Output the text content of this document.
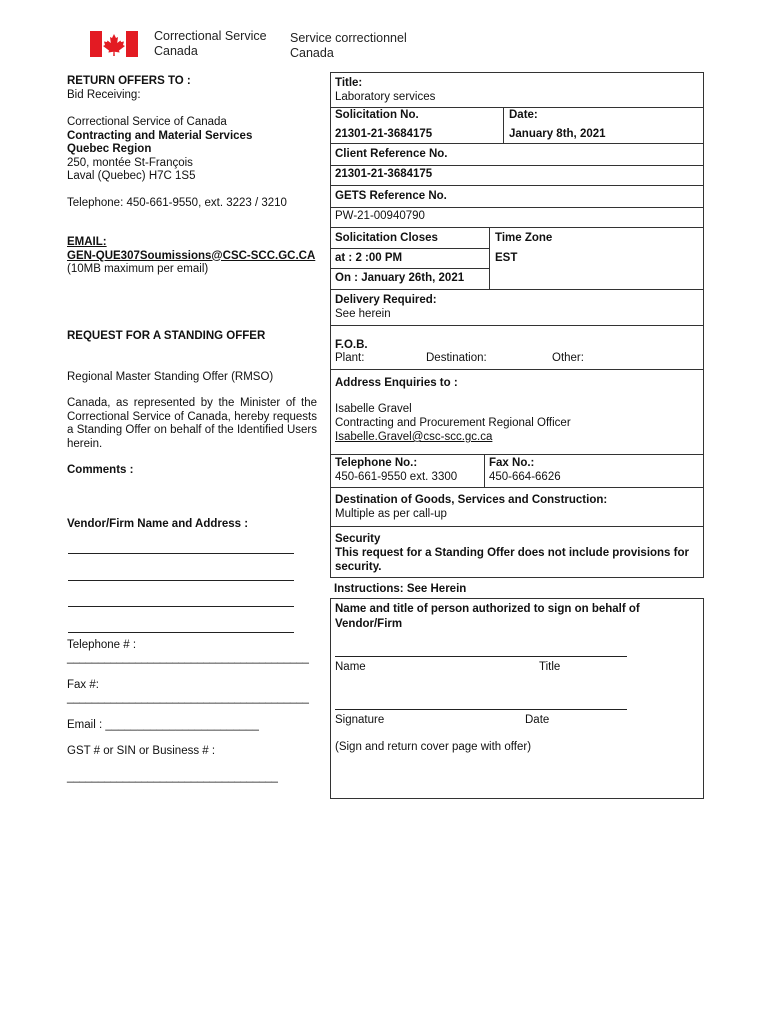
Correctional Service
Canada
Service correctionnel
Canada
RETURN OFFERS TO :
Bid Receiving:
Correctional Service of Canada
Contracting and Material Services
Quebec Region
250, montée St-François
Laval (Quebec) H7C 1S5
Telephone: 450-661-9550, ext. 3223 / 3210
EMAIL:
GEN-QUE307Soumissions@CSC-SCC.GC.CA
(10MB maximum per email)
REQUEST FOR A STANDING OFFER
Regional Master Standing Offer (RMSO)
Canada, as represented by the Minister of the Correctional Service of Canada, hereby requests a Standing Offer on behalf of the Identified Users herein.
Comments :
Vendor/Firm Name and Address :
Telephone # :
_______________________________________
Fax #:
_______________________________________
Email : ________________________
GST # or SIN or Business # :
__________________________________
Title:
Laboratory services
Solicitation No.	Date:
21301-21-3684175	January 8th, 2021
Client Reference No.
21301-21-3684175
GETS Reference No.
PW-21-00940790
Solicitation Closes	Time Zone
at : 2 :00 PM	EST
On : January 26th, 2021
Delivery Required:
See herein
F.O.B.
Plant:	Destination:	Other:
Address Enquiries to :
Isabelle Gravel
Contracting and Procurement Regional Officer
Isabelle.Gravel@csc-scc.gc.ca
Telephone No.:
450-661-9550 ext. 3300
Fax No.:
450-664-6626
Destination of Goods, Services and Construction:
Multiple as per call-up
Security
This request for a Standing Offer does not include provisions for security.
Instructions: See Herein
Name and title of person authorized to sign on behalf of Vendor/Firm
Name	Title
Signature	Date
(Sign and return cover page with offer)
